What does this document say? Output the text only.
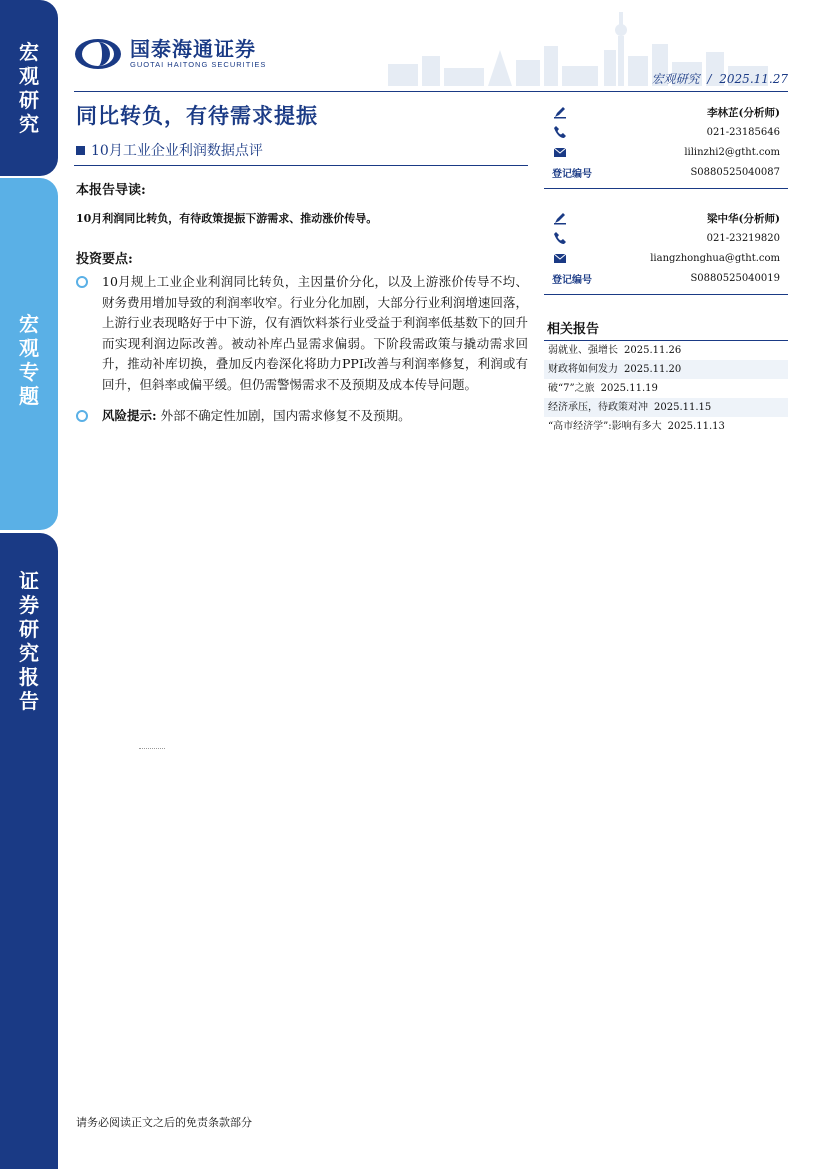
宏观研究
宏观专题
证券研究报告
国泰海通证券
GUOTAI HAITONG SECURITIES
宏观研究 / 2025.11.27
同比转负，有待需求提振
10月工业企业利润数据点评
本报告导读:
10月利润同比转负，有待政策提振下游需求、推动涨价传导。
投资要点:
10月规上工业企业利润同比转负，主因量价分化，以及上游涨价传导不均、财务费用增加导致的利润率收窄。行业分化加剧，大部分行业利润增速回落，上游行业表现略好于中下游，仅有酒饮料茶行业受益于利润率低基数下的回升而实现利润边际改善。被动补库凸显需求偏弱。下阶段需政策与撬动需求回升，推动补库切换，叠加反内卷深化将助力PPI改善与利润率修复，利润或有回升，但斜率或偏平缓。但仍需警惕需求不及预期及成本传导问题。
风险提示: 外部不确定性加剧，国内需求修复不及预期。
李林芷(分析师)
021-23185646
lilinzhi2@gtht.com
登记编号	S0880525040087
梁中华(分析师)
021-23219820
liangzhonghua@gtht.com
登记编号	S0880525040019
相关报告
弱就业、强增长 2025.11.26
财政将如何发力 2025.11.20
破“7”之旅 2025.11.19
经济承压，待政策对冲 2025.11.15
“高市经济学”:影响有多大 2025.11.13
请务必阅读正文之后的免责条款部分
